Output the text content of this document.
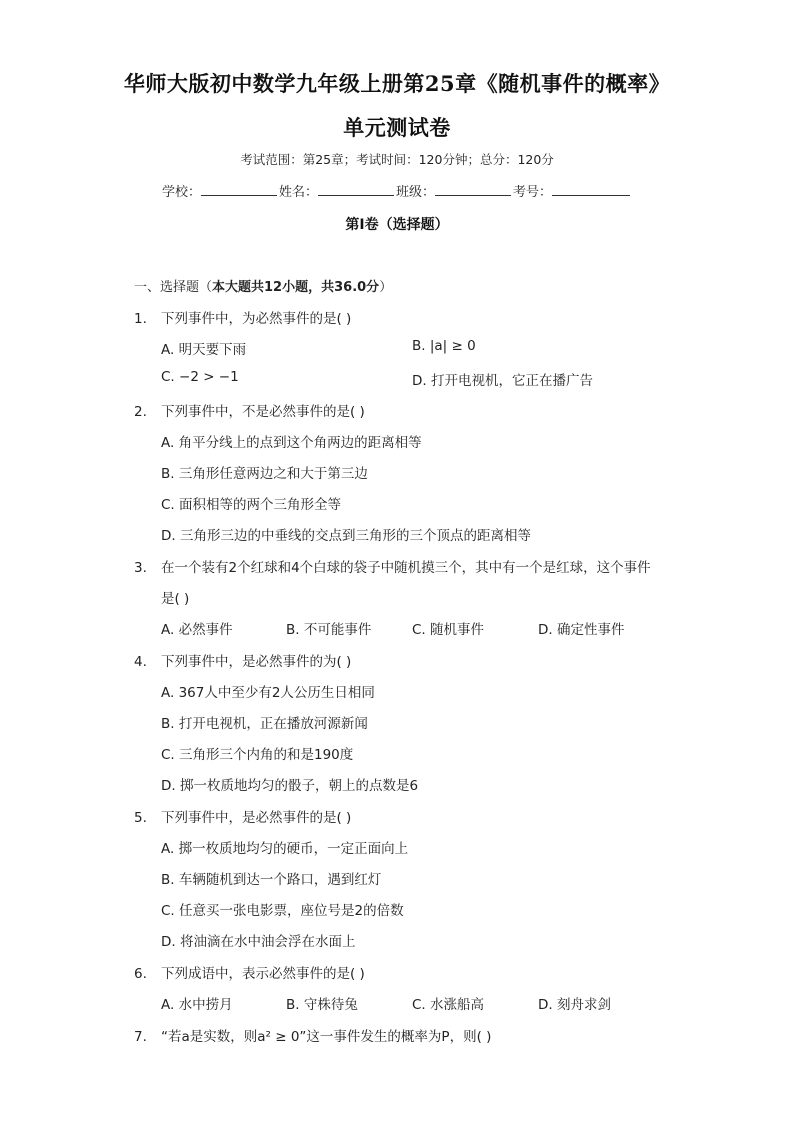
华师大版初中数学九年级上册第25章《随机事件的概率》
单元测试卷
考试范围：第25章；考试时间：120分钟；总分：120分
学校：	姓名：	班级：	考号：
第I卷（选择题）
一、选择题（本大题共12小题，共36.0分）
1. 下列事件中，为必然事件的是( )
A. 明天要下雨	B. |a| ≥ 0
C. −2 > −1	D. 打开电视机，它正在播广告
2. 下列事件中，不是必然事件的是( )
A. 角平分线上的点到这个角两边的距离相等
B. 三角形任意两边之和大于第三边
C. 面积相等的两个三角形全等
D. 三角形三边的中垂线的交点到三角形的三个顶点的距离相等
3. 在一个装有2个红球和4个白球的袋子中随机摸三个，其中有一个是红球，这个事件
是( )
A. 必然事件	B. 不可能事件	C. 随机事件	D. 确定性事件
4. 下列事件中，是必然事件的为( )
A. 367人中至少有2人公历生日相同
B. 打开电视机，正在播放河源新闻
C. 三角形三个内角的和是190度
D. 掷一枚质地均匀的骰子，朝上的点数是6
5. 下列事件中，是必然事件的是( )
A. 掷一枚质地均匀的硬币，一定正面向上
B. 车辆随机到达一个路口，遇到红灯
C. 任意买一张电影票，座位号是2的倍数
D. 将油滴在水中油会浮在水面上
6. 下列成语中，表示必然事件的是( )
A. 水中捞月	B. 守株待兔	C. 水涨船高	D. 刻舟求剑
7. “若a是实数，则a² ≥ 0”这一事件发生的概率为P，则( )
